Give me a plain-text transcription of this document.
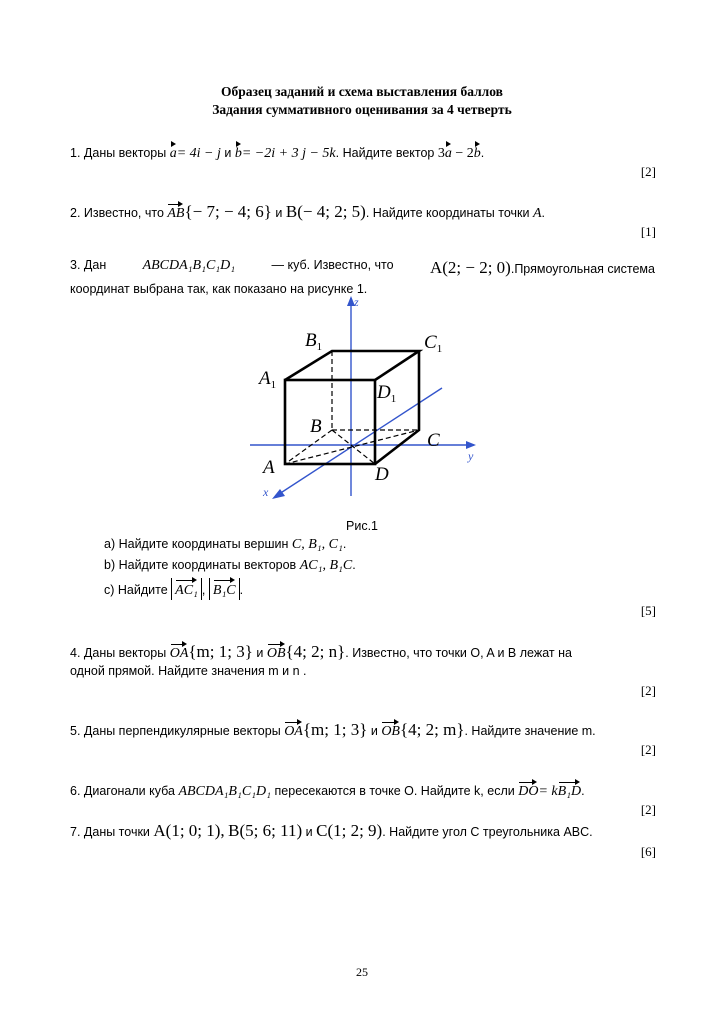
Образец заданий и схема выставления баллов
Задания суммативного оценивания за 4 четверть
1. Даны векторы a= 4i − j и b= −2i + 3 j − 5k. Найдите вектор 3a − 2b.
[2]
2. Известно, что AB{− 7; − 4; 6} и B(− 4; 2; 5). Найдите координаты точки A.
[1]
3. Дан	ABCDA₁B₁C₁D₁	— куб. Известно, что A(2; − 2; 0).Прямоугольная система
координат выбрана так, как показано на рисунке 1.
$B_1$	$C_1$
$A_1$	$D_1$
B
C
A	D
z
y
x
Рис.1
a) Найдите координаты вершин C, B₁, C₁.
b) Найдите координаты векторов AC₁, B₁C.
c) Найдите AC₁ , B₁C .
[5]
4. Даны векторы OA{m; 1; 3} и OB{4; 2; n}. Известно, что точки O, A и B лежат на
одной прямой. Найдите значения m и n .
[2]
5. Даны перпендикулярные векторы OA{m; 1; 3} и OB{4; 2; m}. Найдите значение m.
[2]
6. Диагонали куба ABCDA₁B₁C₁D₁ пересекаются в точке О. Найдите k, если DO= kB₁D.
[2]
7. Даны точки A(1; 0; 1), B(5; 6; 11) и C(1; 2; 9). Найдите угол C треугольника ABC.
[6]
25
